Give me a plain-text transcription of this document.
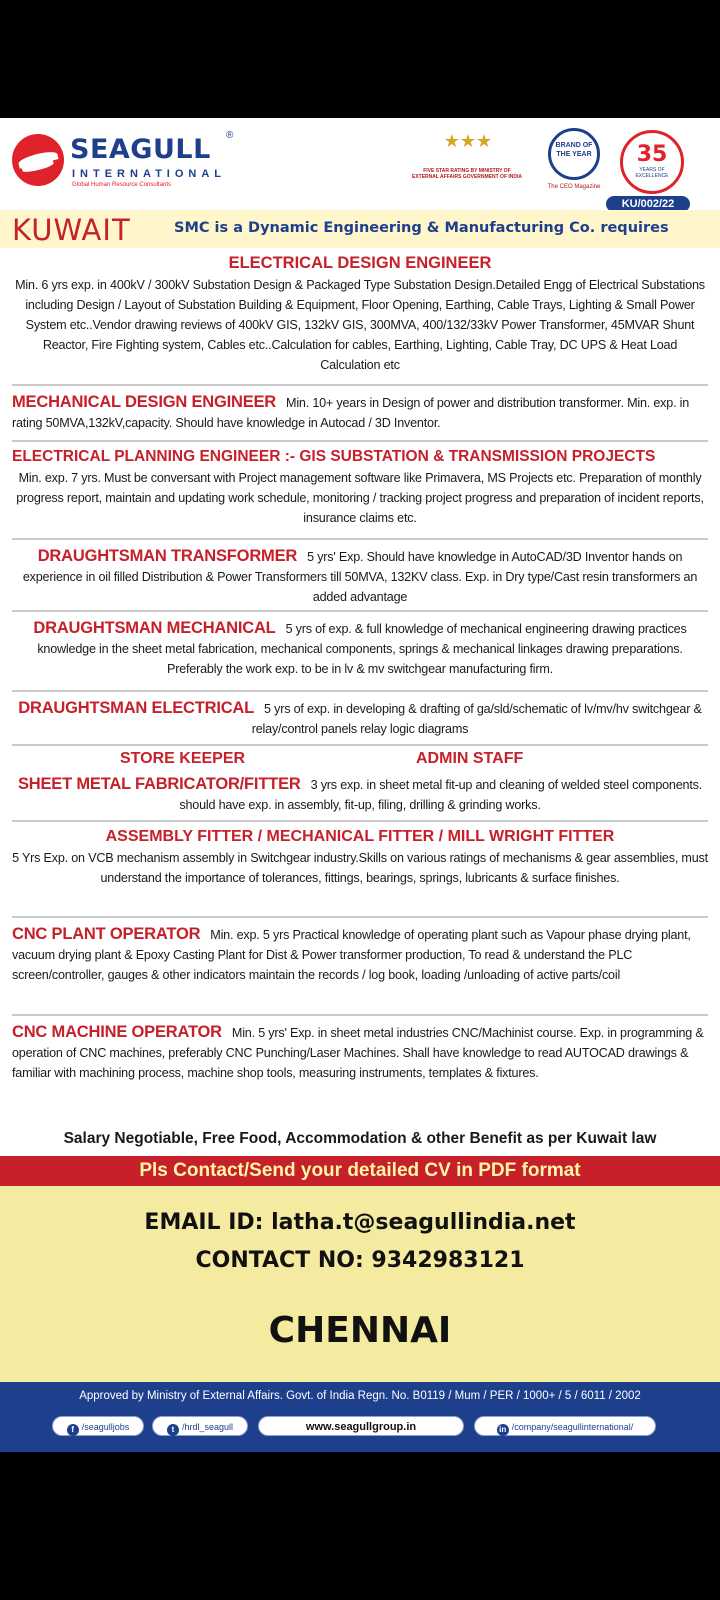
SEAGULL ®
INTERNATIONAL
Global Human Resource Consultants
★★★
FIVE STAR RATING BY MINISTRY OF EXTERNAL AFFAIRS GOVERNMENT OF INDIA
BRAND OF THE YEAR
The CEO Magazine
35
YEARS OF EXCELLENCE
KU/002/22
KUWAIT	SMC is a Dynamic Engineering & Manufacturing Co. requires
ELECTRICAL DESIGN ENGINEER
Min. 6 yrs exp. in 400kV / 300kV Substation Design & Packaged Type Substation Design.Detailed Engg of Electrical Substations including Design / Layout of Substation Building & Equipment, Floor Opening, Earthing, Cable Trays, Lighting & Small Power System etc..Vendor drawing reviews of 400kV GIS, 132kV GIS, 300MVA, 400/132/33kV Power Transformer, 45MVAR Shunt Reactor, Fire Fighting system, Cables etc..Calculation for cables, Earthing, Lighting, Cable Tray, DC UPS & Heat Load Calculation etc
MECHANICAL DESIGN ENGINEER Min. 10+ years in Design of power and distribution transformer. Min. exp. in rating 50MVA,132kV,capacity. Should have knowledge in Autocad / 3D Inventor.
ELECTRICAL PLANNING ENGINEER :- GIS SUBSTATION & TRANSMISSION PROJECTS
Min. exp. 7 yrs. Must be conversant with Project management software like Primavera, MS Projects etc. Preparation of monthly progress report, maintain and updating work schedule, monitoring / tracking project progress and preparation of incident reports, insurance claims etc.
DRAUGHTSMAN TRANSFORMER 5 yrs' Exp. Should have knowledge in AutoCAD/3D Inventor hands on experience in oil filled Distribution & Power Transformers till 50MVA, 132KV class. Exp. in Dry type/Cast resin transformers an added advantage
DRAUGHTSMAN MECHANICAL 5 yrs of exp. & full knowledge of mechanical engineering drawing practices knowledge in the sheet metal fabrication, mechanical components, springs & mechanical linkages drawing preparations. Preferably the work exp. to be in lv & mv switchgear manufacturing firm.
DRAUGHTSMAN ELECTRICAL 5 yrs of exp. in developing & drafting of ga/sld/schematic of lv/mv/hv switchgear & relay/control panels relay logic diagrams
STORE KEEPER	ADMIN STAFF
SHEET METAL FABRICATOR/FITTER 3 yrs exp. in sheet metal fit-up and cleaning of welded steel components. should have exp. in assembly, fit-up, filing, drilling & grinding works.
ASSEMBLY FITTER / MECHANICAL FITTER / MILL WRIGHT FITTER
5 Yrs Exp. on VCB mechanism assembly in Switchgear industry.Skills on various ratings of mechanisms & gear assemblies, must understand the importance of tolerances, fittings, bearings, springs, lubricants & surface finishes.
CNC PLANT OPERATOR Min. exp. 5 yrs Practical knowledge of operating plant such as Vapour phase drying plant, vacuum drying plant & Epoxy Casting Plant for Dist & Power transformer production, To read & understand the PLC screen/controller, gauges & other indicators maintain the records / log book, loading /unloading of active parts/coil
CNC MACHINE OPERATOR Min. 5 yrs' Exp. in sheet metal industries CNC/Machinist course. Exp. in programming & operation of CNC machines, preferably CNC Punching/Laser Machines. Shall have knowledge to read AUTOCAD drawings & familiar with machining process, machine shop tools, measuring instruments, templates & fixtures.
Salary Negotiable, Free Food, Accommodation & other Benefit as per Kuwait law
Pls Contact/Send your detailed CV in PDF format
EMAIL ID: latha.t@seagullindia.net
CONTACT NO: 9342983121
CHENNAI
Approved by Ministry of External Affairs. Govt. of India Regn. No. B0119 / Mum / PER / 1000+ / 5 / 6011 / 2002
f /seagulljobs	t /hrdl_seagull	www.seagullgroup.in	in /company/seagullinternational/
